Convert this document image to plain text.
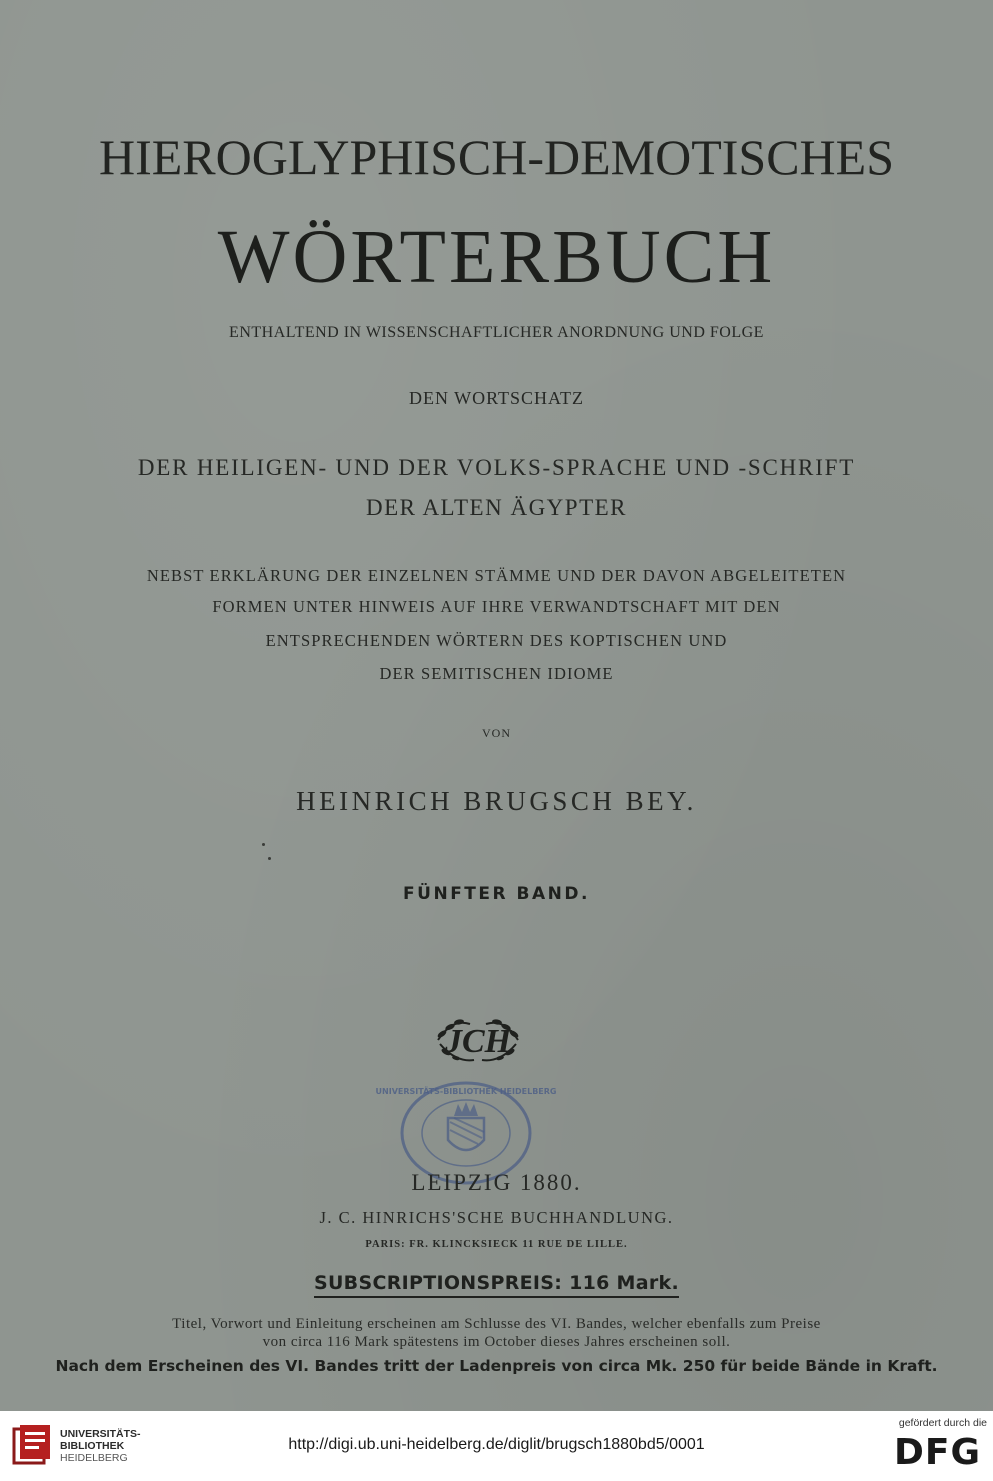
HIEROGLYPHISCH-DEMOTISCHES
WÖRTERBUCH
ENTHALTEND IN WISSENSCHAFTLICHER ANORDNUNG UND FOLGE
DEN WORTSCHATZ
DER HEILIGEN- UND DER VOLKS-SPRACHE UND -SCHRIFT
DER ALTEN ÄGYPTER
NEBST ERKLÄRUNG DER EINZELNEN STÄMME UND DER DAVON ABGELEITETEN
FORMEN UNTER HINWEIS AUF IHRE VERWANDTSCHAFT MIT DEN
ENTSPRECHENDEN WÖRTERN DES KOPTISCHEN UND
DER SEMITISCHEN IDIOME
VON
HEINRICH BRUGSCH BEY.
FÜNFTER BAND.
JCH
UNIVERSITÄTS-BIBLIOTHEK HEIDELBERG
LEIPZIG 1880.
J. C. HINRICHS'SCHE BUCHHANDLUNG.
PARIS: FR. KLINCKSIECK 11 RUE DE LILLE.
SUBSCRIPTIONSPREIS: 116 Mark.
Titel, Vorwort und Einleitung erscheinen am Schlusse des VI. Bandes, welcher ebenfalls zum Preise
von circa 116 Mark spätestens im October dieses Jahres erscheinen soll.
Nach dem Erscheinen des VI. Bandes tritt der Ladenpreis von circa Mk. 250 für beide Bände in Kraft.
UNIVERSITÄTS-
BIBLIOTHEK
HEIDELBERG
http://digi.ub.uni-heidelberg.de/diglit/brugsch1880bd5/0001
gefördert durch die
DFG
